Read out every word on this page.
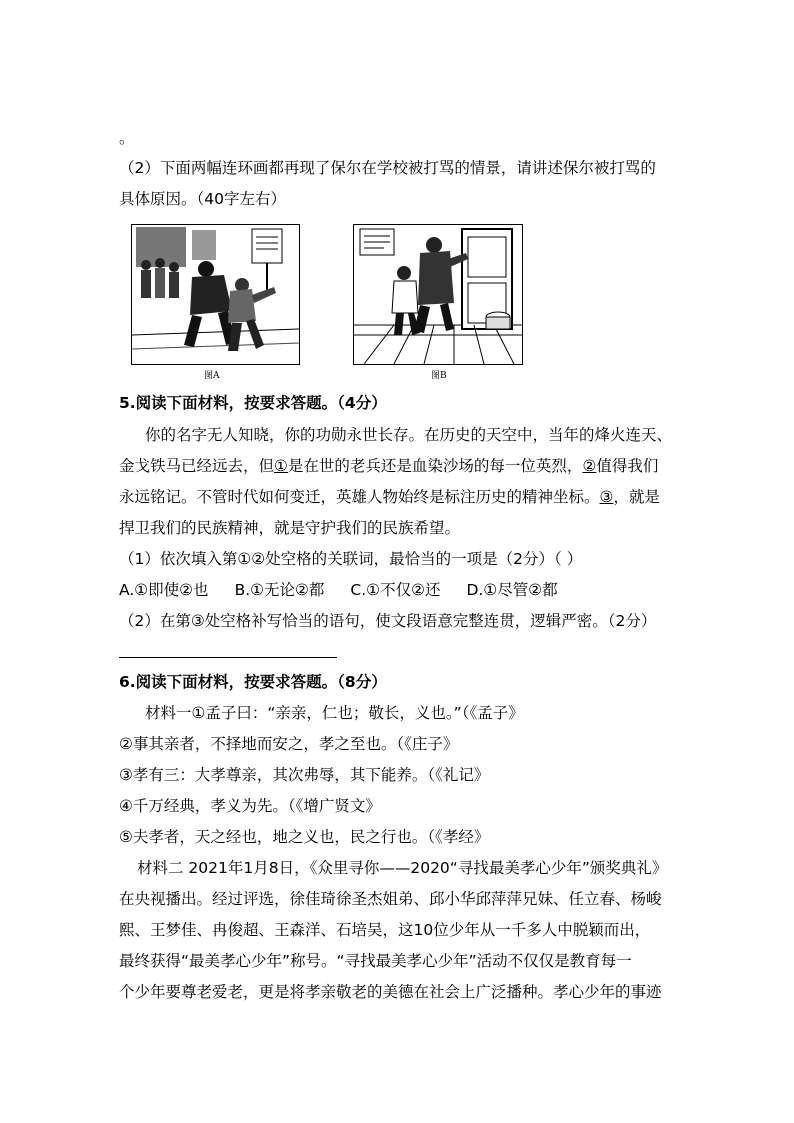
。
（2）下面两幅连环画都再现了保尔在学校被打骂的情景，请讲述保尔被打骂的
具体原因。（40字左右）
图A	图B
5.阅读下面材料，按要求答题。（4分）
你的名字无人知晓，你的功勋永世长存。在历史的天空中，当年的烽火连天、
金戈铁马已经远去，但①是在世的老兵还是血染沙场的每一位英烈，②值得我们
永远铭记。不管时代如何变迁，英雄人物始终是标注历史的精神坐标。③，就是
捍卫我们的民族精神，就是守护我们的民族希望。
（1）依次填入第①②处空格的关联词，最恰当的一项是（2分）（ ）
A.①即使②也 B.①无论②都 C.①不仅②还 D.①尽管②都
（2）在第③处空格补写恰当的语句，使文段语意完整连贯，逻辑严密。（2分）
6.阅读下面材料，按要求答题。（8分）
材料一①孟子曰：“亲亲，仁也；敬长，义也。”（《孟子》
②事其亲者，不择地而安之，孝之至也。（《庄子》
③孝有三：大孝尊亲，其次弗辱，其下能养。（《礼记》
④千万经典，孝义为先。（《增广贤文》
⑤夫孝者，天之经也，地之义也，民之行也。（《孝经》
材料二 2021年1月8日，《众里寻你——2020“寻找最美孝心少年”颁奖典礼》
在央视播出。经过评选，徐佳琦徐圣杰姐弟、邱小华邱萍萍兄妹、任立春、杨峻
熙、王梦佳、冉俊超、王森洋、石培吴，这10位少年从一千多人中脱颖而出，
最终获得“最美孝心少年”称号。“寻找最美孝心少年”活动不仅仅是教育每一
个少年要尊老爱老，更是将孝亲敬老的美德在社会上广泛播种。孝心少年的事迹
